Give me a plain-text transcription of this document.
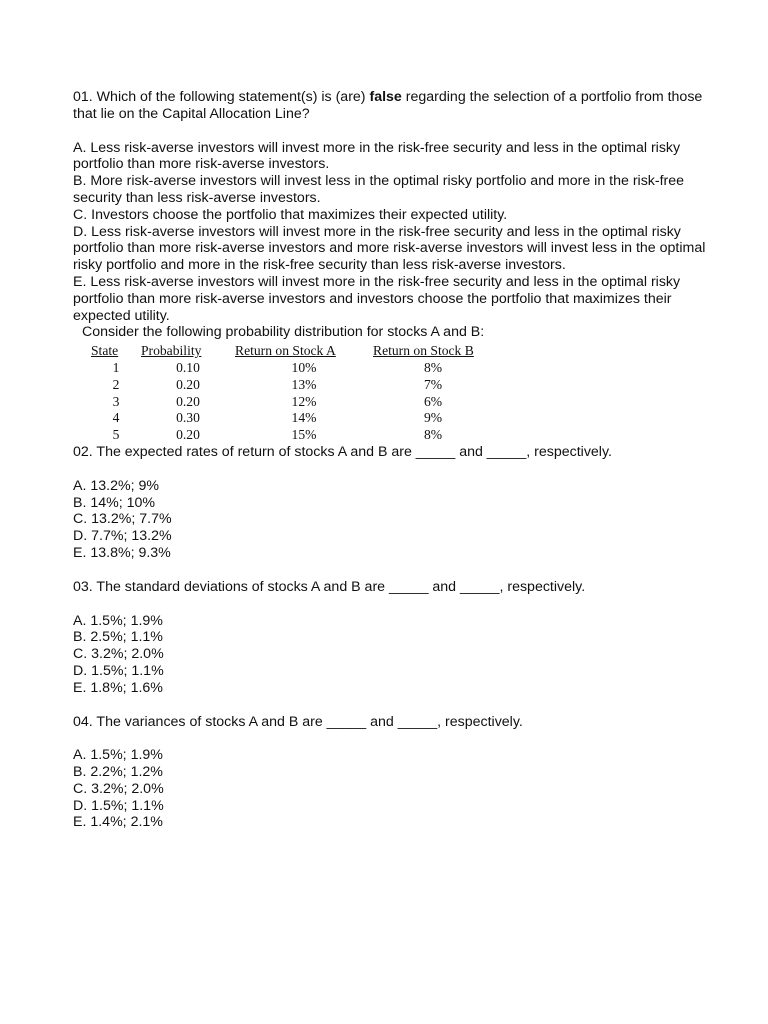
01. Which of the following statement(s) is (are) false regarding the selection of a portfolio from those that lie on the Capital Allocation Line?

A. Less risk-averse investors will invest more in the risk-free security and less in the optimal risky portfolio than more risk-averse investors.

B. More risk-averse investors will invest less in the optimal risky portfolio and more in the risk-free security than less risk-averse investors.

C. Investors choose the portfolio that maximizes their expected utility.

D. Less risk-averse investors will invest more in the risk-free security and less in the optimal risky portfolio than more risk-averse investors and more risk-averse investors will invest less in the optimal risky portfolio and more in the risk-free security than less risk-averse investors.

E. Less risk-averse investors will invest more in the risk-free security and less in the optimal risky portfolio than more risk-averse investors and investors choose the portfolio that maximizes their expected utility.

Consider the following probability distribution for stocks A and B:

State	Probability	Return on Stock A	Return on Stock B
1	0.10	10%	8%
2	0.20	13%	7%
3	0.20	12%	6%
4	0.30	14%	9%
5	0.20	15%	8%

02. The expected rates of return of stocks A and B are _____ and _____, respectively.

A. 13.2%; 9%

B. 14%; 10%

C. 13.2%; 7.7%

D. 7.7%; 13.2%

E. 13.8%; 9.3%

03. The standard deviations of stocks A and B are _____ and _____, respectively.

A. 1.5%; 1.9%

B. 2.5%; 1.1%

C. 3.2%; 2.0%

D. 1.5%; 1.1%

E. 1.8%; 1.6%

04. The variances of stocks A and B are _____ and _____, respectively.

A. 1.5%; 1.9%

B. 2.2%; 1.2%

C. 3.2%; 2.0%

D. 1.5%; 1.1%

E. 1.4%; 2.1%
